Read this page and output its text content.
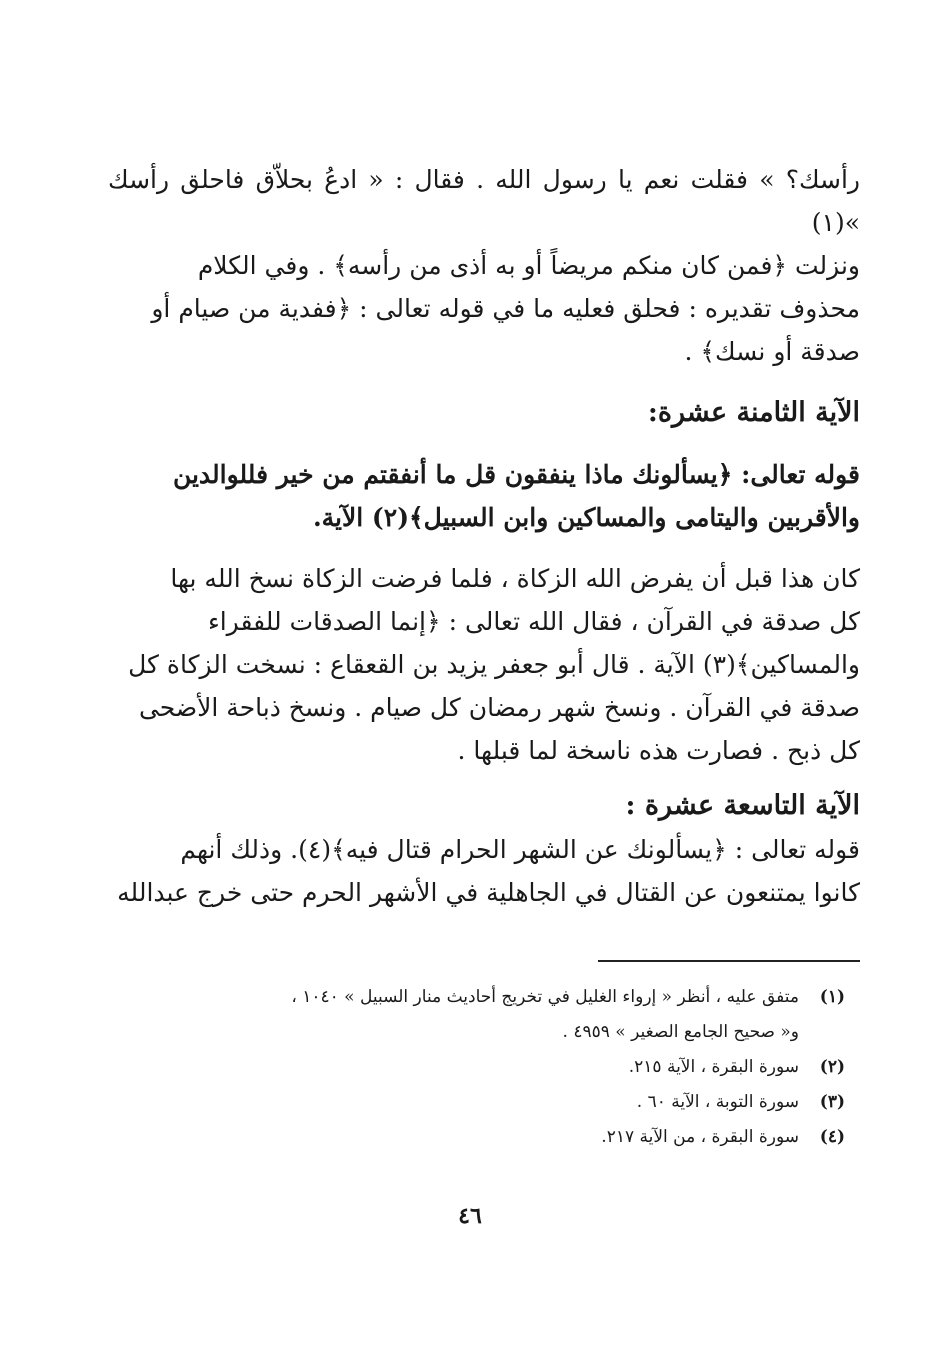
رأسك؟ » فقلت نعم يا رسول الله . فقال : « ادعُ بحلاّق فاحلق رأسك »(١)

ونزلت ﴿فمن كان منكم مريضاً أو به أذى من رأسه﴾ . وفي الكلام

محذوف تقديره : فحلق فعليه ما في قوله تعالى : ﴿ففدية من صيام أو

صدقة أو نسك﴾ .

الآية الثامنة عشرة:

قوله تعالى: ﴿يسألونك ماذا ينفقون قل ما أنفقتم من خير فللوالدين

والأقربين واليتامى والمساكين وابن السبيل﴾(٢) الآية.

كان هذا قبل أن يفرض الله الزكاة ، فلما فرضت الزكاة نسخ الله بها

كل صدقة في القرآن ، فقال الله تعالى : ﴿إنما الصدقات للفقراء

والمساكين﴾(٣) الآية . قال أبو جعفر يزيد بن القعقاع : نسخت الزكاة كل

صدقة في القرآن . ونسخ شهر رمضان كل صيام . ونسخ ذباحة الأضحى

كل ذبح . فصارت هذه ناسخة لما قبلها .

الآية التاسعة عشرة :

قوله تعالى : ﴿يسألونك عن الشهر الحرام قتال فيه﴾(٤). وذلك أنهم

كانوا يمتنعون عن القتال في الجاهلية في الأشهر الحرم حتى خرج عبدالله

(١)
متفق عليه ، أنظر « إرواء الغليل في تخريج أحاديث منار السبيل » ١٠٤٠ ،
و« صحيح الجامع الصغير » ٤٩٥٩ .
(٢)
سورة البقرة ، الآية ٢١٥.
(٣)
سورة التوبة ، الآية ٦٠ .
(٤)
سورة البقرة ، من الآية ٢١٧.
٤٦
